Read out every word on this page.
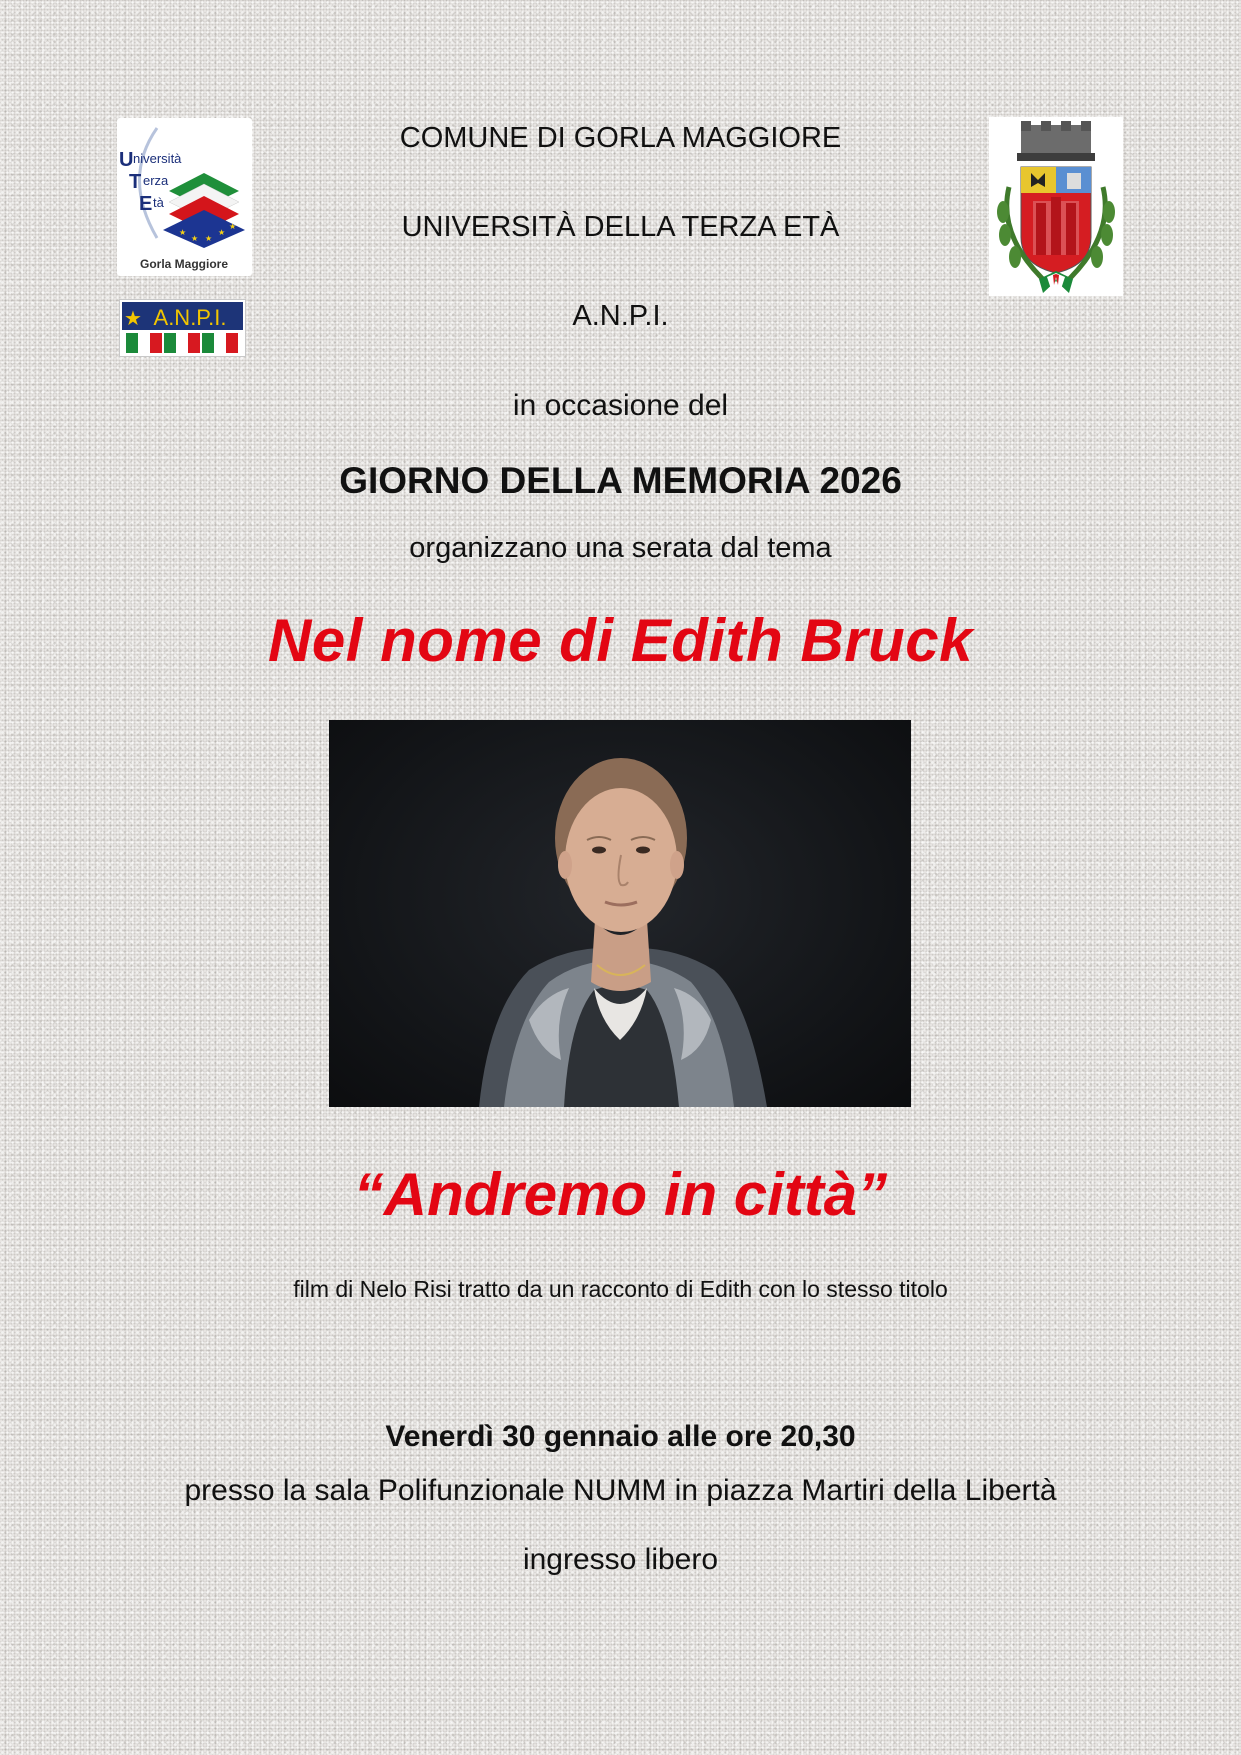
U niversità
T erza
E tà
★
★ ★
★
★
Gorla Maggiore
★ A.N.P.I.
COMUNE DI GORLA MAGGIORE
UNIVERSITÀ DELLA TERZA ETÀ
A.N.P.I.
in occasione del
GIORNO DELLA MEMORIA 2026
organizzano una serata dal tema
Nel nome di Edith Bruck
“Andremo in città”
film di Nelo Risi tratto da un racconto di Edith con lo stesso titolo
Venerdì 30 gennaio alle ore 20,30
presso la sala Polifunzionale NUMM in piazza Martiri della Libertà
ingresso libero
